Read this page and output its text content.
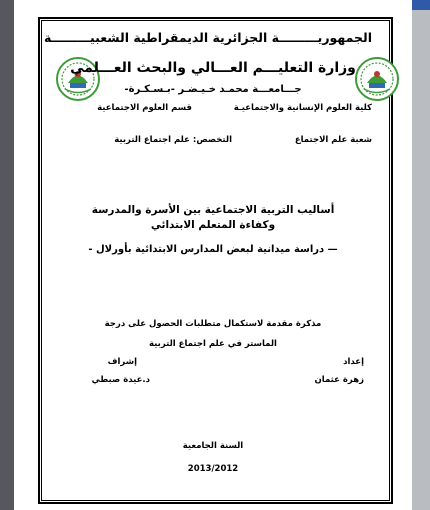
الجمهوريـــــــــة الجزائرية الديمقراطية الشعبيـــــــــة
وزارة التعليـــم العـــالي والبحث العـــلمي
جـــامعـــة محمـد خـيـضـر -بـسـكـرة-
كلية العلوم الإنسانية والاجتماعيـة
قسم العلوم الاجتماعية
شعبة علم الاجتماع
التخصص: علم اجتماع التربية
أساليب التربية الاجتماعية بين الأسرة والمدرسة
وكفاءة المتعلم الابتدائي
— دراسة ميدانية لبعض المدارس الابتدائية بأورلال -
مذكرة مقدمة لاستكمال متطلبات الحصول على درجة
الماستر في علم اجتماع التربية
إعداد
زهرة عثمان
إشراف
د.عيدة صبطي
السنة الجامعية
2013/2012
